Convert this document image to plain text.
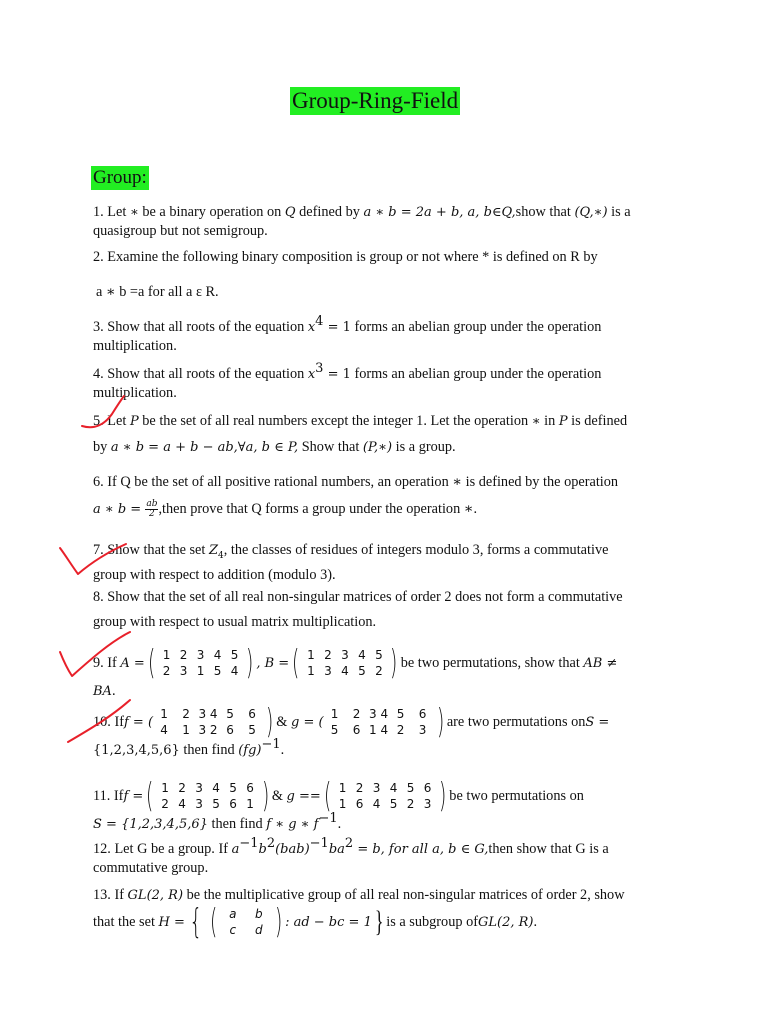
Group-Ring-Field
Group:
1. Let ∗ be a binary operation on Q defined by a ∗ b = 2a + b, a, b∈Q,show that (Q,∗) is a
quasigroup but not semigroup.
2. Examine the following binary composition is group or not where * is defined on R by
a ∗ b =a for all a ε R.
3. Show that all roots of the equation $x^4 = 1$ forms an abelian group under the operation
multiplication.
4. Show that all roots of the equation $x^3 = 1$ forms an abelian group under the operation
multiplication.
5. Let P be the set of all real numbers except the integer 1. Let the operation ∗ in P is defined
by a ∗ b = a + b − ab,∀a, b ∈ P, Show that (P,∗) is a group.
6. If Q be the set of all positive rational numbers, an operation ∗ is defined by the operation
a ∗ $b = \frac{ab}{2}$ ,then prove that Q forms a group under the operation ∗.
7. Show that the set $Z_4$, the classes of residues of integers modulo 3, forms a commutative
group with respect to addition (modulo 3).
8. Show that the set of all real non-singular matrices of order 2 does not form a commutative
group with respect to usual matrix multiplication.
9. If
A = ( 1 2 3 4 5
2 3 1 5 4 ) , B = ( 1 2 3 4 5
1 3 4 5 2 ) be two permutations, show that
AB ≠
BA.
10. If f = (
1	2 3 4 5	6
4	1 3 2 6	5 ) &
g = (
1	2 3 4 5	6
5	6 1 4 2	3 ) are two permutations on S =
{1,2,3,4,5,6} then find (fg)$^{-1}$.
11. If f = ( 1 2 3 4 5 6
2 4 3 5 6 1 ) &
g == ( 1 2 3 4 5 6
1 6 4 5 2 3 ) be two permutations on
S = {1,2,3,4,5,6} then find f ∗ g ∗ $f^{-1}$.
12. Let G be a group. If $a^{-1}b^2(bab)^{-1}ba^2 = b$, for all a, b ∈ G,then show that G is a
commutative group.
13. If GL(2, R) be the multiplicative group of all real non-singular matrices of order 2, show
that the set
H = { (	a	b
c	d ) : ad − bc = 1 } is a subgroup of GL(2, R) .
